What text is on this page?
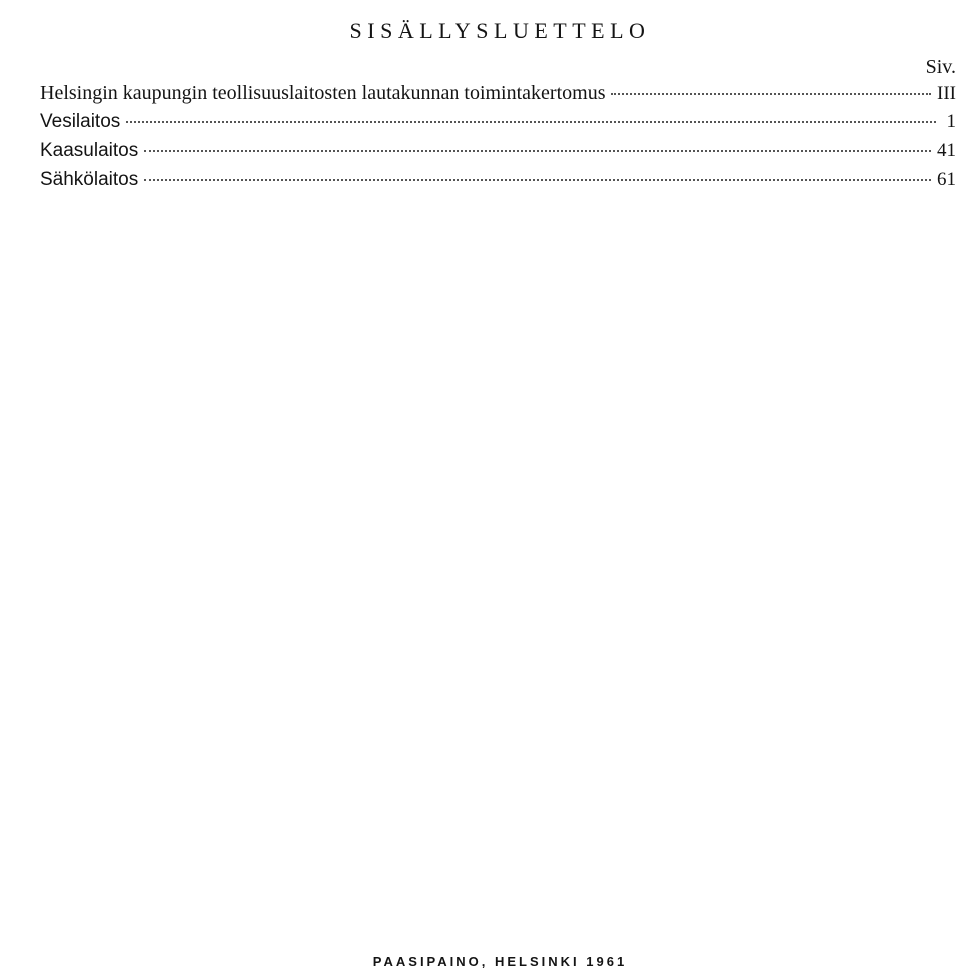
SISÄLLYSLUETTELO
Siv.
Helsingin kaupungin teollisuuslaitosten lautakunnan toimintakertomus	III
Vesilaitos	1
Kaasulaitos	41
Sähkölaitos	61
PAASIPAINO, HELSINKI 1961
